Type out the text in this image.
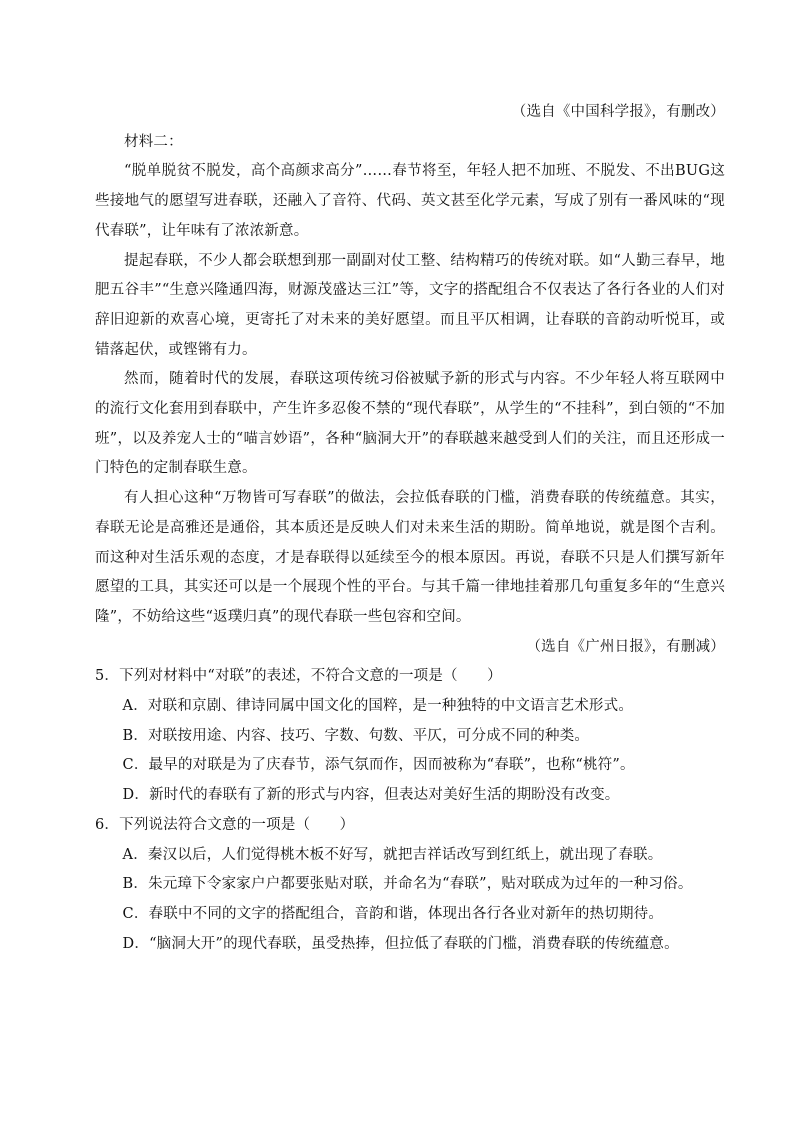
（选自《中国科学报》，有删改）
材料二：
“脱单脱贫不脱发，高个高颜求高分”……春节将至，年轻人把不加班、不脱发、不出BUG这些接地气的愿望写进春联，还融入了音符、代码、英文甚至化学元素，写成了别有一番风味的“现代春联”，让年味有了浓浓新意。
提起春联，不少人都会联想到那一副副对仗工整、结构精巧的传统对联。如“人勤三春早，地肥五谷丰”“生意兴隆通四海，财源茂盛达三江”等，文字的搭配组合不仅表达了各行各业的人们对辞旧迎新的欢喜心境，更寄托了对未来的美好愿望。而且平仄相调，让春联的音韵动听悦耳，或错落起伏，或铿锵有力。
然而，随着时代的发展，春联这项传统习俗被赋予新的形式与内容。不少年轻人将互联网中的流行文化套用到春联中，产生许多忍俊不禁的“现代春联”，从学生的“不挂科”，到白领的“不加班”，以及养宠人士的“喵言妙语”，各种“脑洞大开”的春联越来越受到人们的关注，而且还形成一门特色的定制春联生意。
有人担心这种“万物皆可写春联”的做法，会拉低春联的门槛，消费春联的传统蕴意。其实，春联无论是高雅还是通俗，其本质还是反映人们对未来生活的期盼。简单地说，就是图个吉利。而这种对生活乐观的态度，才是春联得以延续至今的根本原因。再说，春联不只是人们撰写新年愿望的工具，其实还可以是一个展现个性的平台。与其千篇一律地挂着那几句重复多年的“生意兴隆”，不妨给这些“返璞归真”的现代春联一些包容和空间。
（选自《广州日报》，有删减）
5．下列对材料中“对联”的表述，不符合文意的一项是（　　）
A．对联和京剧、律诗同属中国文化的国粹，是一种独特的中文语言艺术形式。
B．对联按用途、内容、技巧、字数、句数、平仄，可分成不同的种类。
C．最早的对联是为了庆春节，添气氛而作，因而被称为“春联”，也称“桃符”。
D．新时代的春联有了新的形式与内容，但表达对美好生活的期盼没有改变。
6．下列说法符合文意的一项是（　　）
A．秦汉以后，人们觉得桃木板不好写，就把吉祥话改写到红纸上，就出现了春联。
B．朱元璋下令家家户户都要张贴对联，并命名为“春联”，贴对联成为过年的一种习俗。
C．春联中不同的文字的搭配组合，音韵和谐，体现出各行各业对新年的热切期待。
D．“脑洞大开”的现代春联，虽受热捧，但拉低了春联的门槛，消费春联的传统蕴意。
